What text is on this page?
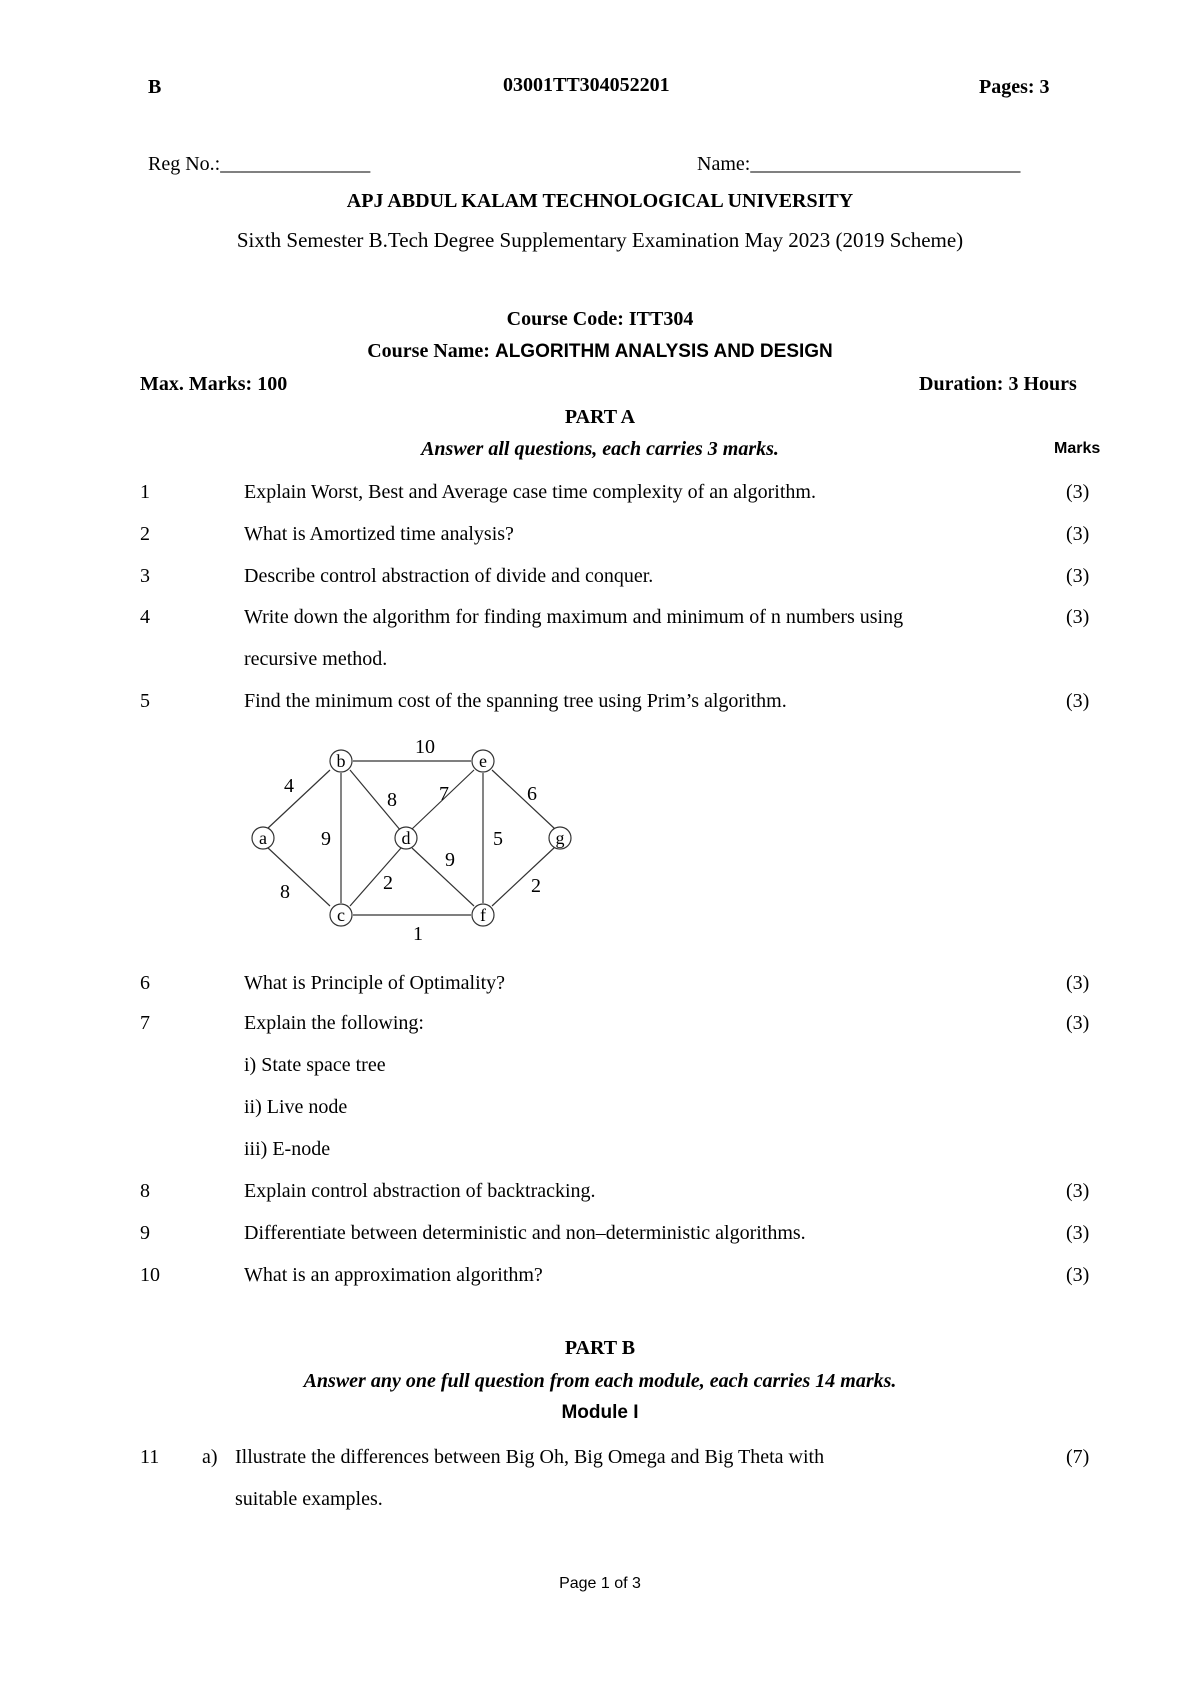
B	03001TT304052201	Pages: 3
Reg No.:_______________	Name:___________________________
APJ ABDUL KALAM TECHNOLOGICAL UNIVERSITY
Sixth Semester B.Tech Degree Supplementary Examination May 2023 (2019 Scheme)
Course Code: ITT304
Course Name: ALGORITHM ANALYSIS AND DESIGN
Max. Marks: 100	Duration: 3 Hours
PART A
Answer all questions, each carries 3 marks.	Marks
1	Explain Worst, Best and Average case time complexity of an algorithm.	(3)
2	What is Amortized time analysis?	(3)
3	Describe control abstraction of divide and conquer.	(3)
4	Write down the algorithm for finding maximum and minimum of n numbers using	(3)
recursive method.
5	Find the minimum cost of the spanning tree using Prim’s algorithm.	(3)
a
b
c
d
e
f
g
4
8
9
8
10
2
1
7
9
5
6
2
6	What is Principle of Optimality?	(3)
7	Explain the following:	(3)
i) State space tree
ii) Live node
iii) E-node
8	Explain control abstraction of backtracking.	(3)
9	Differentiate between deterministic and non–deterministic algorithms.	(3)
10	What is an approximation algorithm?	(3)
PART B
Answer any one full question from each module, each carries 14 marks.
Module I
11 a) Illustrate the differences between Big Oh, Big Omega and Big Theta with	(7)
suitable examples.
Page 1 of 3
